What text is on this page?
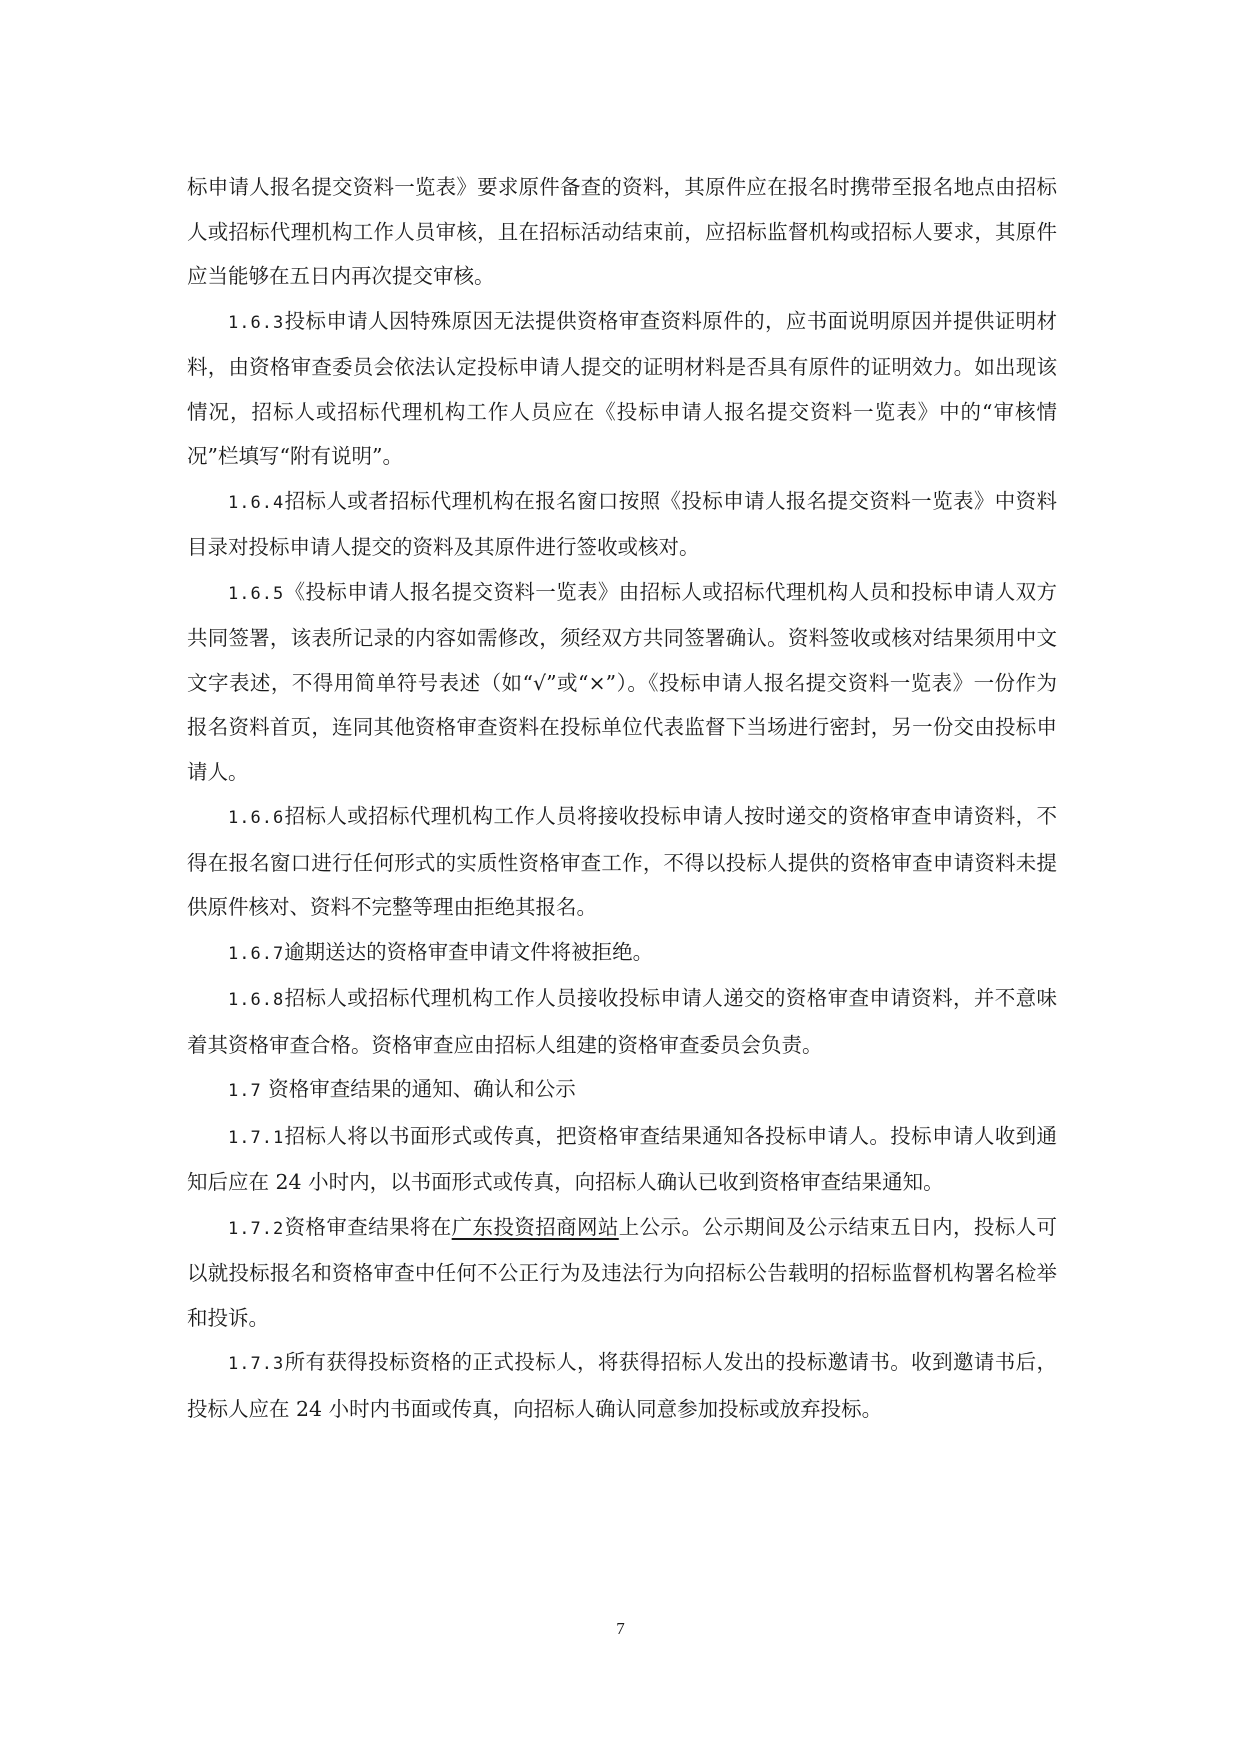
标申请人报名提交资料一览表》要求原件备查的资料，其原件应在报名时携带至报名地点由招标人或招标代理机构工作人员审核，且在招标活动结束前，应招标监督机构或招标人要求，其原件应当能够在五日内再次提交审核。

1.6.3投标申请人因特殊原因无法提供资格审查资料原件的，应书面说明原因并提供证明材料，由资格审查委员会依法认定投标申请人提交的证明材料是否具有原件的证明效力。如出现该情况，招标人或招标代理机构工作人员应在《投标申请人报名提交资料一览表》中的“审核情况”栏填写“附有说明”。

1.6.4招标人或者招标代理机构在报名窗口按照《投标申请人报名提交资料一览表》中资料目录对投标申请人提交的资料及其原件进行签收或核对。

1.6.5《投标申请人报名提交资料一览表》由招标人或招标代理机构人员和投标申请人双方共同签署，该表所记录的内容如需修改，须经双方共同签署确认。资料签收或核对结果须用中文文字表述，不得用简单符号表述（如“√”或“×”）。《投标申请人报名提交资料一览表》一份作为报名资料首页，连同其他资格审查资料在投标单位代表监督下当场进行密封，另一份交由投标申请人。

1.6.6招标人或招标代理机构工作人员将接收投标申请人按时递交的资格审查申请资料，不得在报名窗口进行任何形式的实质性资格审查工作，不得以投标人提供的资格审查申请资料未提供原件核对、资料不完整等理由拒绝其报名。

1.6.7逾期送达的资格审查申请文件将被拒绝。

1.6.8招标人或招标代理机构工作人员接收投标申请人递交的资格审查申请资料，并不意味着其资格审查合格。资格审查应由招标人组建的资格审查委员会负责。

1.7 资格审查结果的通知、确认和公示

1.7.1招标人将以书面形式或传真，把资格审查结果通知各投标申请人。投标申请人收到通知后应在 24 小时内，以书面形式或传真，向招标人确认已收到资格审查结果通知。

1.7.2资格审查结果将在广东投资招商网站上公示。公示期间及公示结束五日内，投标人可以就投标报名和资格审查中任何不公正行为及违法行为向招标公告载明的招标监督机构署名检举和投诉。

1.7.3所有获得投标资格的正式投标人，将获得招标人发出的投标邀请书。收到邀请书后，投标人应在 24 小时内书面或传真，向招标人确认同意参加投标或放弃投标。

7
